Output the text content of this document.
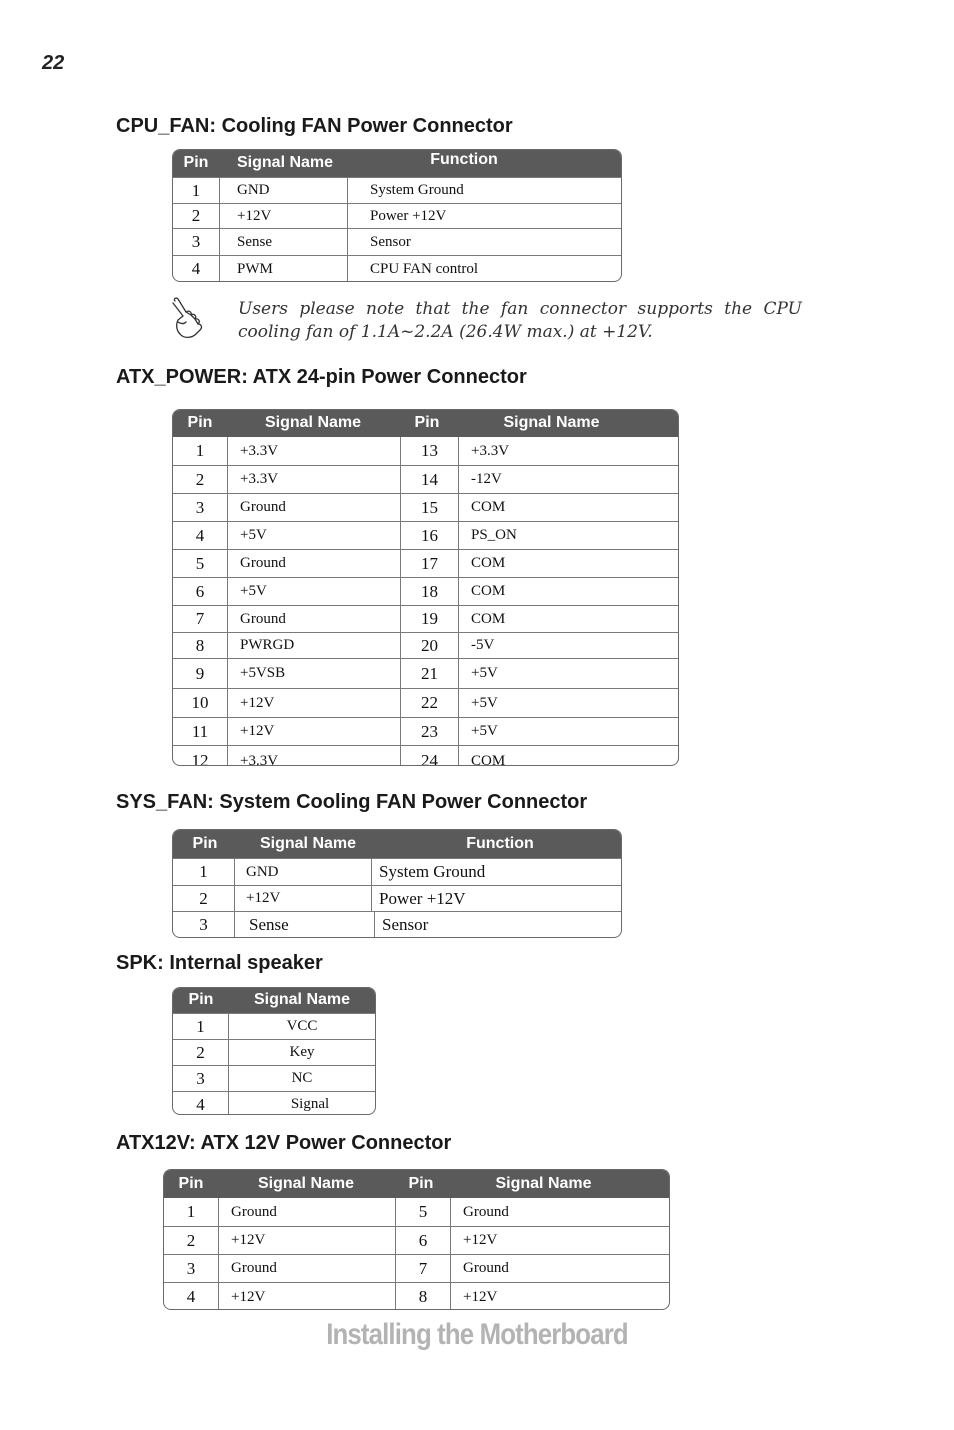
22
CPU_FAN: Cooling FAN Power Connector
Pin	Signal Name	Function
1	GND	System Ground
2	+12V	Power +12V
3	Sense	Sensor
4	PWM	CPU FAN control
Users please note that the fan connector supports the CPU cooling fan of 1.1A~2.2A (26.4W max.) at +12V.
ATX_POWER: ATX 24-pin Power Connector
Pin	Signal Name	Pin	Signal Name
1	+3.3V	13	+3.3V
2	+3.3V	14	-12V
3	Ground	15	COM
4	+5V	16	PS_ON
5	Ground	17	COM
6	+5V	18	COM
7	Ground	19	COM
8	PWRGD	20	-5V
9	+5VSB	21	+5V
10	+12V	22	+5V
11	+12V	23	+5V
12	+3.3V	24	COM
SYS_FAN: System Cooling FAN Power Connector
Pin	Signal Name	Function
1	GND	System Ground
2	+12V	Power +12V
3	Sense	Sensor
SPK: Internal speaker
Pin	Signal Name
1	VCC
2	Key
3	NC
4	Signal
ATX12V: ATX 12V Power Connector
Pin	Signal Name	Pin	Signal Name
1	Ground	5	Ground
2	+12V	6	+12V
3	Ground	7	Ground
4	+12V	8	+12V
Installing the Motherboard
